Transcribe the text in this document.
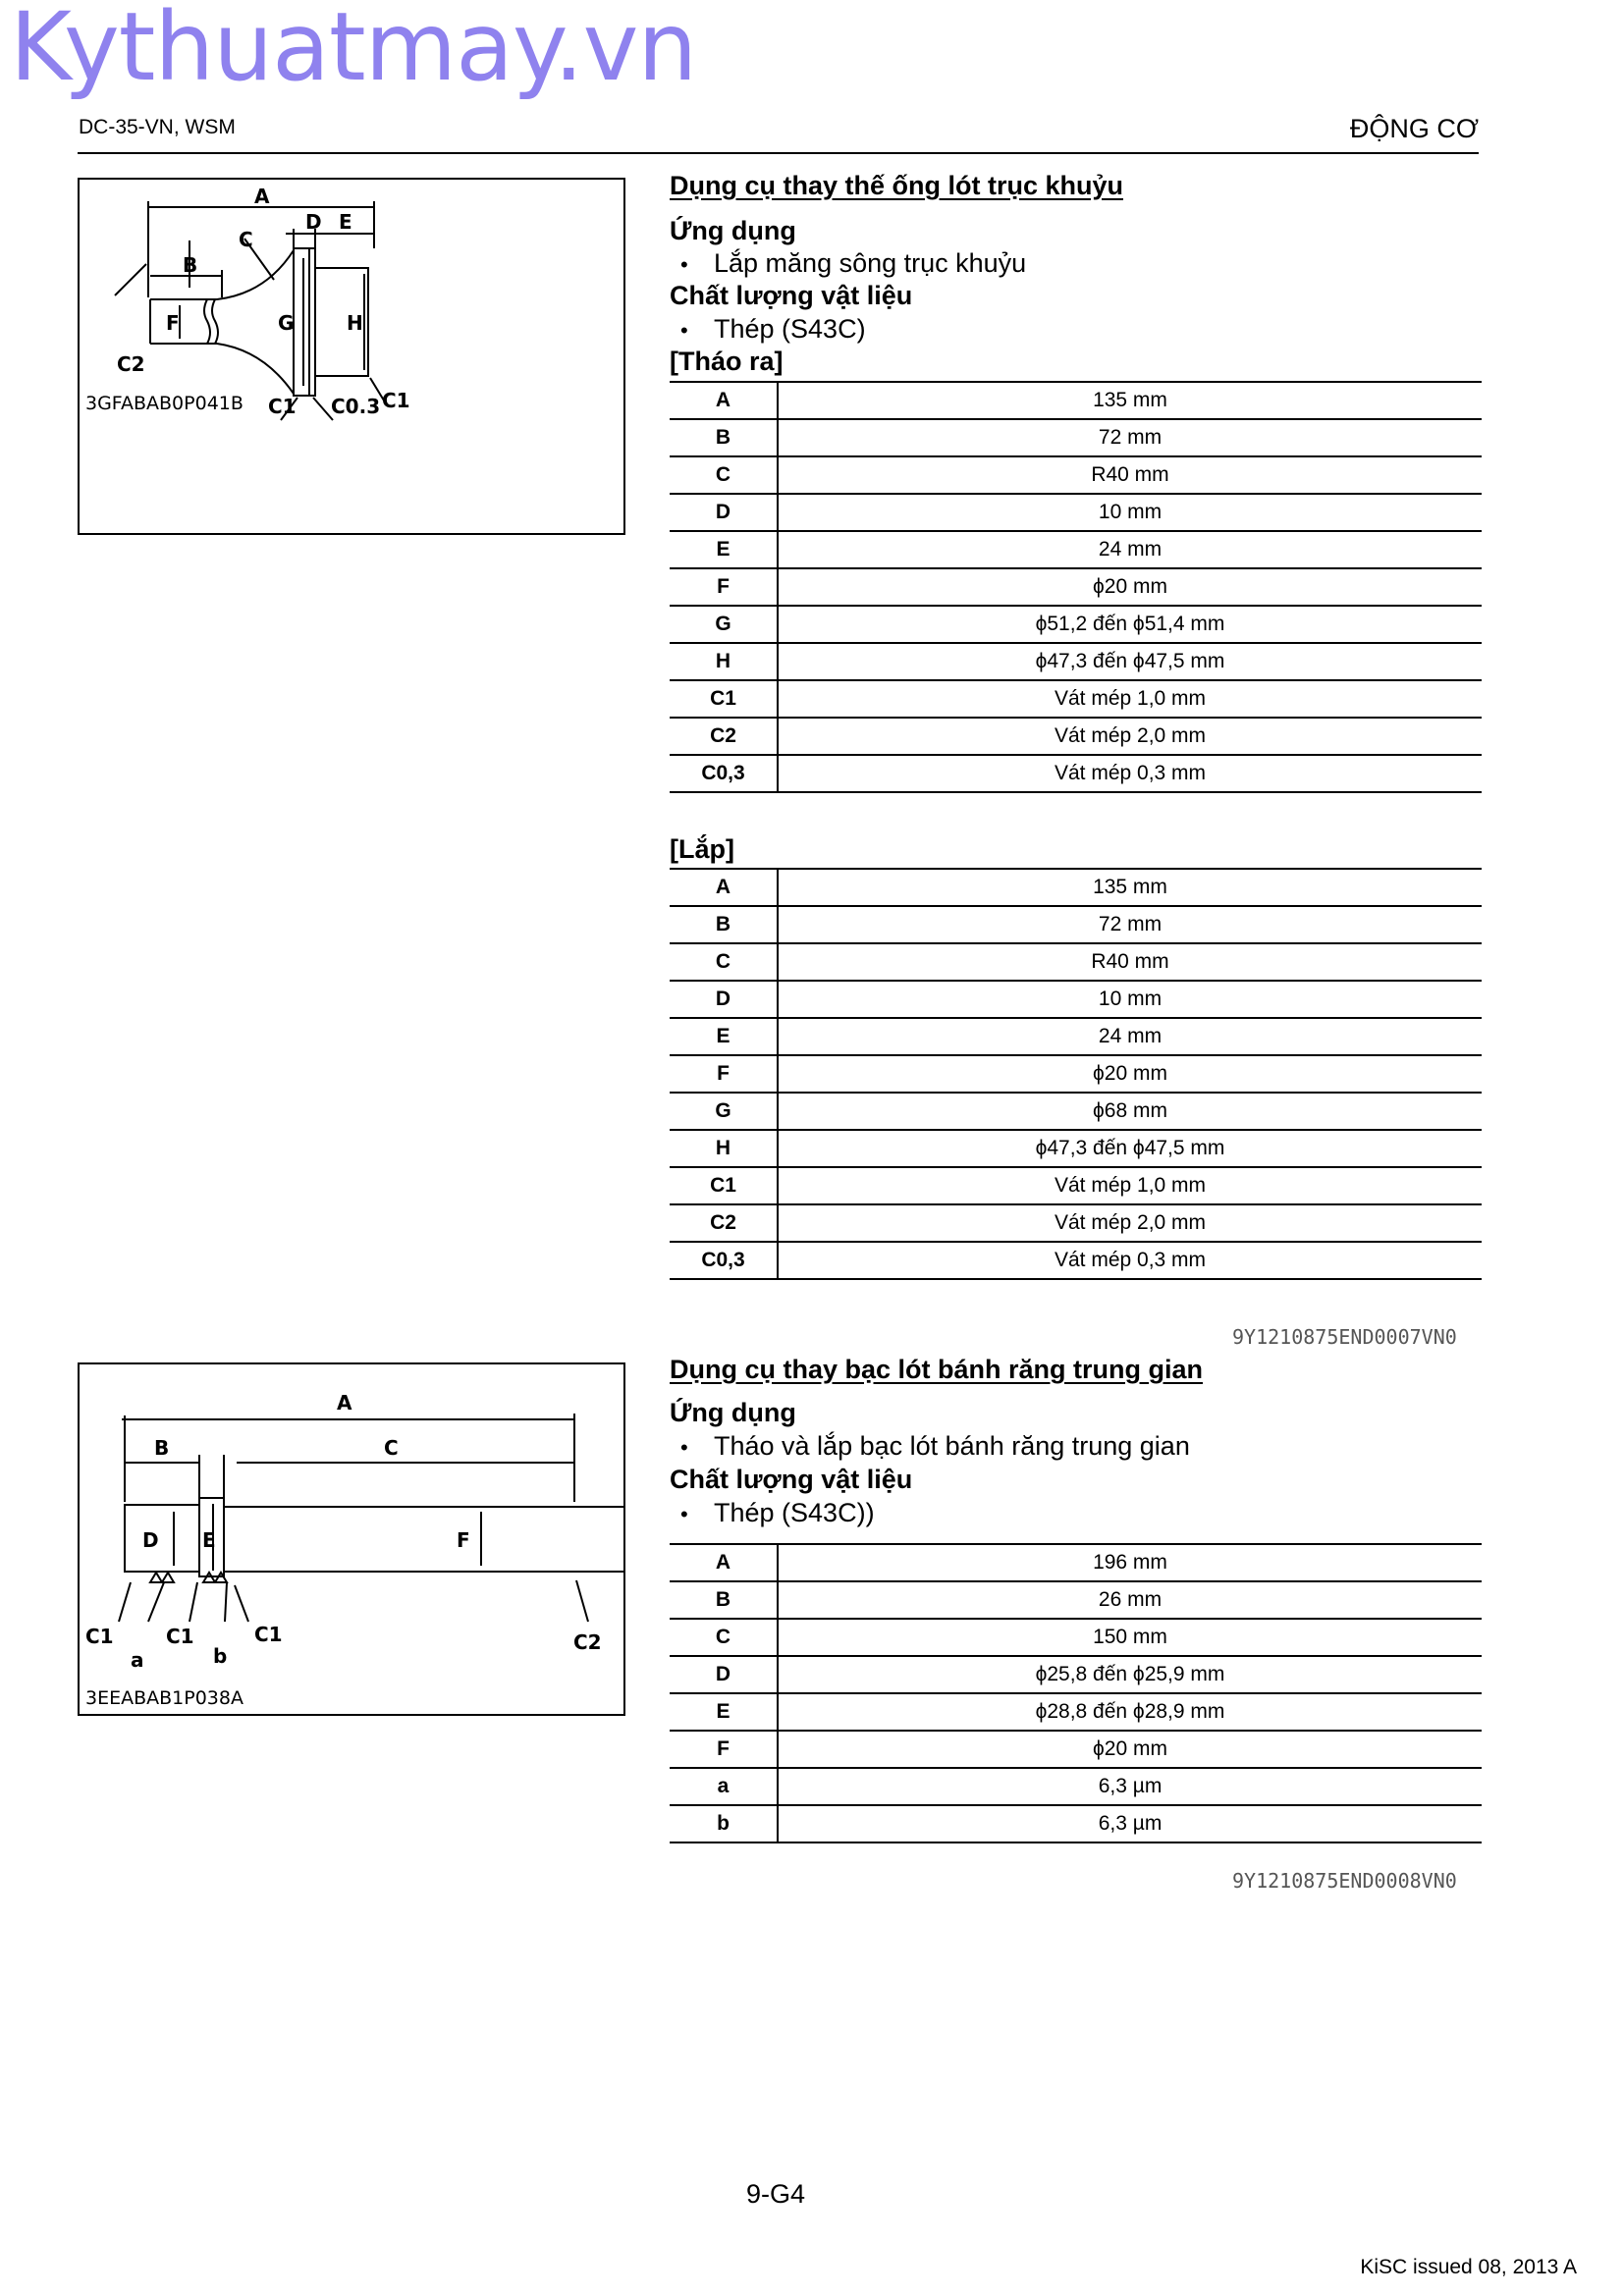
Kythuatmay.vn
DC-35-VN, WSM	ĐỘNG CƠ
A
B
C
D E
F	G	H
C2
C1 C0.3 C1
3GFABAB0P041B
Dụng cụ thay thế ống lót trục khuỷu
Ứng dụng
• Lắp măng sông trục khuỷu
Chất lượng vật liệu
• Thép (S43C)
[Tháo ra]
A	135 mm
B	72 mm
C	R40 mm
D	10 mm
E	24 mm
F	ϕ20 mm
G	ϕ51,2 đến ϕ51,4 mm
H	ϕ47,3 đến ϕ47,5 mm
C1	Vát mép 1,0 mm
C2	Vát mép 2,0 mm
C0,3	Vát mép 0,3 mm
[Lắp]
A	135 mm
B	72 mm
C	R40 mm
D	10 mm
E	24 mm
F	ϕ20 mm
G	ϕ68 mm
H	ϕ47,3 đến ϕ47,5 mm
C1	Vát mép 1,0 mm
C2	Vát mép 2,0 mm
C0,3	Vát mép 0,3 mm
9Y1210875END0007VN0
A
B	C
D E	F
C1	C1	C1	C2
a	b
3EEABAB1P038A
Dụng cụ thay bạc lót bánh răng trung gian
Ứng dụng
• Tháo và lắp bạc lót bánh răng trung gian
Chất lượng vật liệu
• Thép (S43C))
A	196 mm
B	26 mm
C	150 mm
D	ϕ25,8 đến ϕ25,9 mm
E	ϕ28,8 đến ϕ28,9 mm
F	ϕ20 mm
a	6,3 µm
b	6,3 µm
9Y1210875END0008VN0
9-G4
KiSC issued 08, 2013 A
